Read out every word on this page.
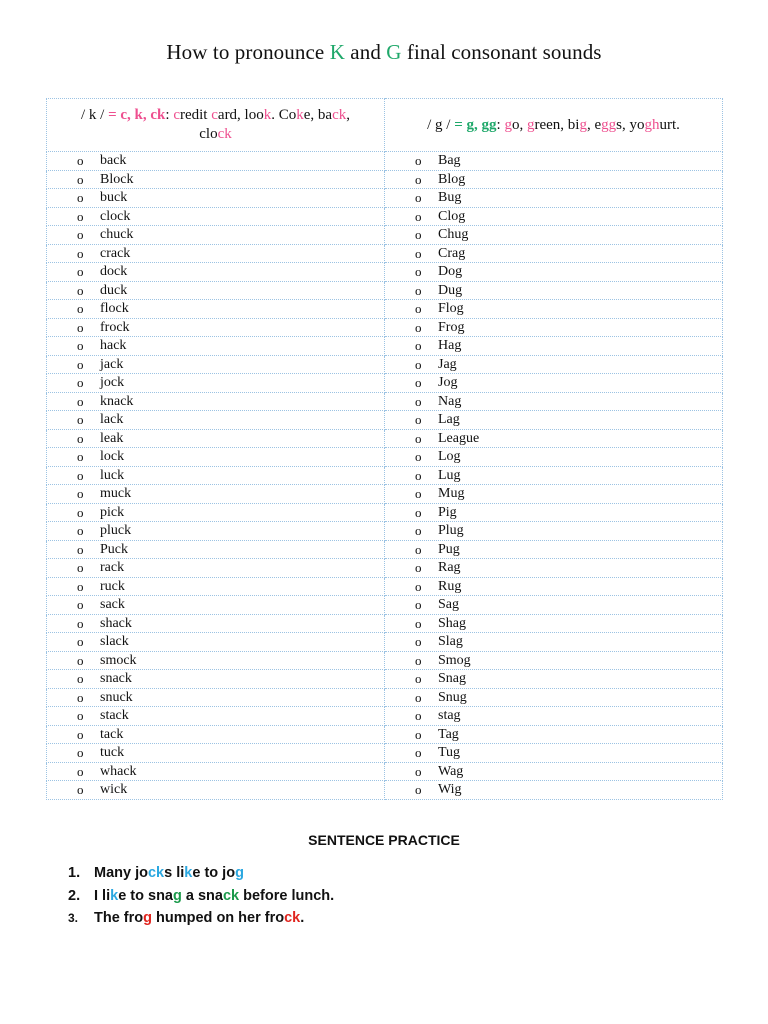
How to pronounce K and G final consonant sounds
/ k / = c, k, ck: credit card, look. Coke, back,
clock	/ g / = g, gg: go, green, big, eggs, yoghurt.

o back	o Bag

o Block	o Blog

o buck	o Bug

o clock	o Clog

o chuck	o Chug

o crack	o Crag

o dock	o Dog

o duck	o Dug

o flock	o Flog

o frock	o Frog

o hack	o Hag

o jack	o Jag

o jock	o Jog

o knack	o Nag

o lack	o Lag

o leak	o League

o lock	o Log

o luck	o Lug

o muck	o Mug

o pick	o Pig

o pluck	o Plug

o Puck	o Pug

o rack	o Rag

o ruck	o Rug

o sack	o Sag

o shack	o Shag

o slack	o Slag

o smock	o Smog

o snack	o Snag

o snuck	o Snug

o stack	o stag

o tack	o Tag

o tuck	o Tug

o whack	o Wag

o wick	o Wig
SENTENCE PRACTICE
1. Many jocks like to jog
2. I like to snag a snack before lunch.
3. The frog humped on her frock.
